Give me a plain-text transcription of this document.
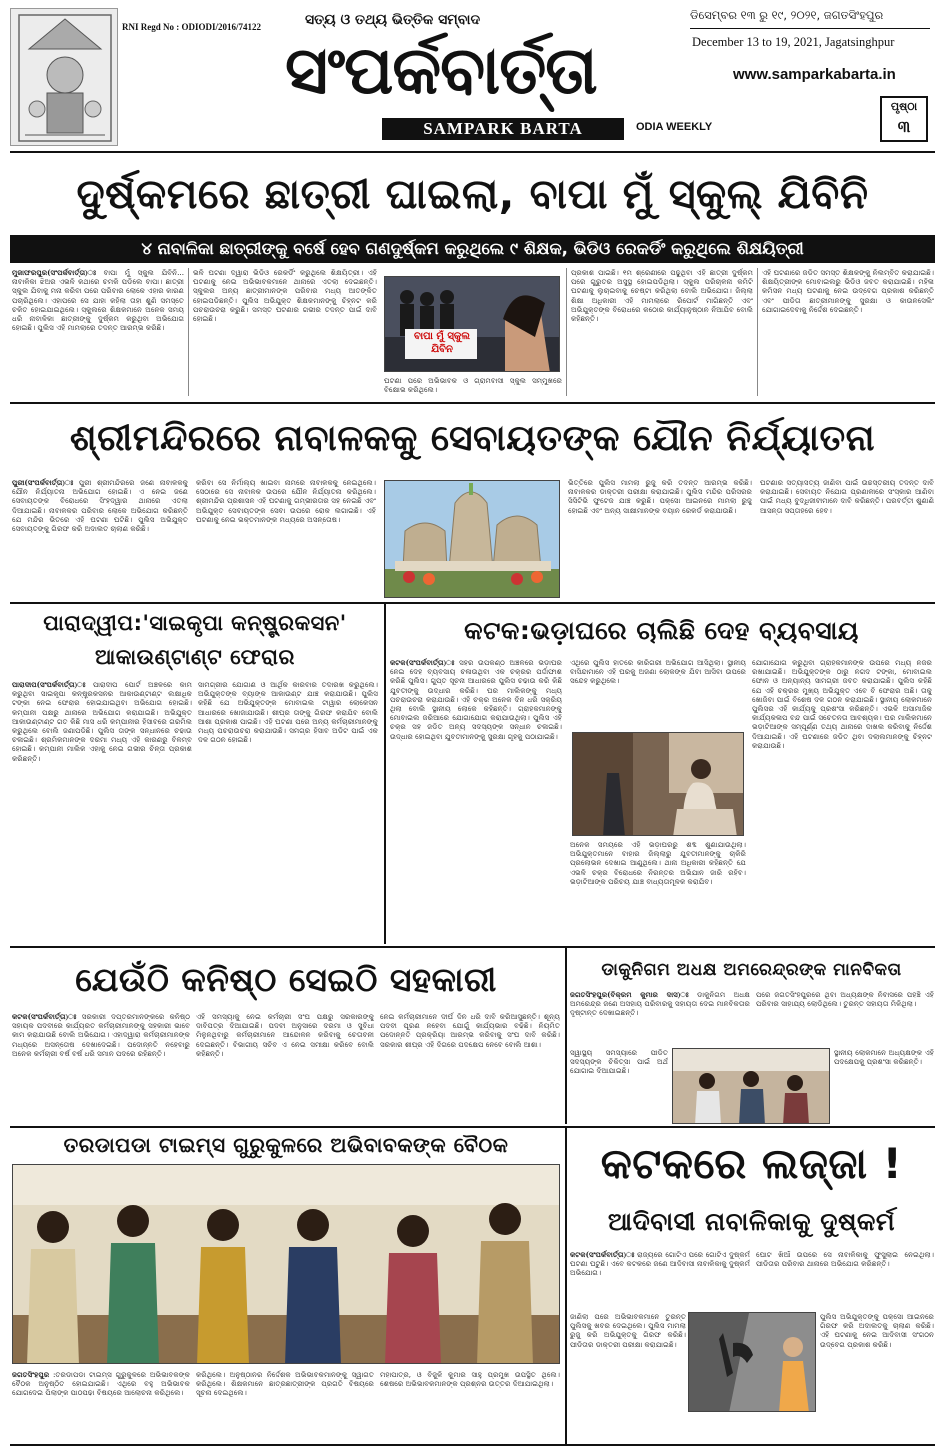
RNI Regd No : ODIODI/2016/74122	ସତ୍ୟ ଓ ତଥ୍ୟ ଭିତ୍ତିକ ସମ୍ବାଦ
ସଂପର୍କବାର୍ତ୍ତା
SAMPARK BARTA	ODIA WEEKLY
ଡିସେମ୍ବର ୧୩ ରୁ ୧୯, ୨୦୨୧, ଜଗତସିଂହପୁର
December 13 to 19, 2021, Jagatsinghpur
www.samparkabarta.in
ପୃଷ୍ଠା
୩
ଦୁର୍ଷ୍କମରେ ଛାତ୍ରୀ ଘାଇଲା, ବାପା ମୁଁ ସ୍କୁଲ୍ ଯିବିନି
୪ ନାବାଳିକା ଛାତ୍ରୀଙ୍କୁ ବର୍ଷେ ହେବ ଗଣଦୁର୍ଷ୍କମ କରୁଥିଲେ ୯ ଶିକ୍ଷକ, ଭିଡିଓ ରେକର୍ଡିଂ କରୁଥିଲେ ଶିକ୍ଷୟିତ୍ରୀ
ମୁଜାଫରପୁର(ସଂପର୍କବାର୍ତ୍ତା)ଃ ବାପା ମୁଁ ସ୍କୁଲ ଯିବିନି... ନାବାଳିକା ଝିଅର ଏଭଳି କଥାରେ ଚମକି ପଡିଲେ ବାପା। ଛାତ୍ରୀ ସ୍କୁଲ ଯିବାକୁ ମନା କରିବା ପରେ ପରିବାର ଲୋକେ ଏହାର କାରଣ ପଚାରିଥିଲେ। ଏହାପରେ ସେ ଯାହା କହିଲା ତାହା ଶୁଣି ସମସ୍ତେ ଚକିତ ହୋଇଯାଇଥିଲେ। ସ୍କୁଲରେ ଶିକ୍ଷକମାନେ ଅନେକ ସମୟ ଧରି ନାବାଳିକା ଛାତ୍ରୀଙ୍କୁ ଦୁର୍ଷ୍କମ କରୁଥିବା ଅଭିଯୋଗ ହୋଇଛି। ପୁଲିସ ଏହି ମାମଲାରେ ତଦନ୍ତ ଆରମ୍ଭ କରିଛି।
ଭଳି ଘଟଣା ଦ୍ୱାରା ଭିଡିଓ ରେକର୍ଡିଂ କରୁଥିଲେ ଶିକ୍ଷୟିତ୍ରୀ। ଏହି ଘଟଣାକୁ ନେଇ ଅଭିଭାବକମାନେ ଥାନାରେ ଏତଲା ଦେଇଛନ୍ତି। ସ୍କୁଲର ଅନ୍ୟ ଛାତ୍ରୀମାନଙ୍କ ପରିବାର ମଧ୍ୟ ଆତଙ୍କିତ ହୋଇପଡିଛନ୍ତି। ପୁଲିସ ଅଭିଯୁକ୍ତ ଶିକ୍ଷକମାନଙ୍କୁ ଚିହ୍ନଟ କରି ପଚରାଉଚରା କରୁଛି। ସମସ୍ତ ଘଟଣାର ଗଭୀର ତଦନ୍ତ ପାଇଁ ଦାବି ହୋଇଛି।
ବାପା ମୁଁ ସ୍କୁଲ ଯିବିନ
ଘଟଣା ପରେ ଅଭିଭାବକ ଓ ଗ୍ରାମବାସୀ ସ୍କୁଲ ସମ୍ମୁଖରେ ବିକ୍ଷୋଭ କରିଥିଲେ।
ପ୍ରକାଶ ପାଇଛି। ୧ମ ଶ୍ରେଣୀରେ ପଢୁଥିବା ଏହି ଛାତ୍ରୀ ଦୁର୍ଷ୍କମ ପରେ ଗୁରୁତର ଅସୁସ୍ଥ ହୋଇପଡିଥିଲା। ସ୍କୁଲ ପରିଚାଳନା କମିଟି ଘଟଣାକୁ ଲୁଚାଇବାକୁ ଚେଷ୍ଟା କରିଥିଲା ବୋଲି ଅଭିଯୋଗ। ଜିଲ୍ଲା ଶିକ୍ଷା ଅଧିକାରୀ ଏହି ମାମଲାରେ ରିପୋର୍ଟ ମାଗିଛନ୍ତି ଏବଂ ଅଭିଯୁକ୍ତଙ୍କ ବିରୋଧରେ କଠୋର କାର୍ଯ୍ୟାନୁଷ୍ଠାନ ନିଆଯିବ ବୋଲି କହିଛନ୍ତି।
ଏହି ଘଟଣାରେ ଜଡିତ ସମସ୍ତ ଶିକ୍ଷକଙ୍କୁ ନିଲମ୍ବିତ କରାଯାଇଛି। ଶିକ୍ଷୟିତ୍ରୀଙ୍କ ମୋବାଇଲରୁ ଭିଡିଓ ଜବତ କରାଯାଇଛି। ମହିଳା କମିସନ ମଧ୍ୟ ଘଟଣାକୁ ନେଇ ଉଦ୍‌ବେଗ ପ୍ରକାଶ କରିଛନ୍ତି ଏବଂ ପୀଡିତା ଛାତ୍ରୀମାନଙ୍କୁ ସୁରକ୍ଷା ଓ କାଉନସେଲିଂ ଯୋଗାଇଦେବାକୁ ନିର୍ଦ୍ଦେଶ ଦେଇଛନ୍ତି।
ଶ୍ରୀମନ୍ଦିରରେ ନାବାଳକକୁ ସେବାୟତଙ୍କ ଯୌନ ନିର୍ଯ୍ୟାତନା
ପୁରୀ(ସଂପର୍କବାର୍ତ୍ତା)ଃ ପୁରୀ ଶ୍ରୀମନ୍ଦିରରେ ଜଣେ ନାବାଳକକୁ ଯୌନ ନିର୍ଯ୍ୟାତନା ଅଭିଯୋଗ ହୋଇଛି। ଏ ନେଇ ଜଣେ ସେବାୟତଙ୍କ ବିରୋଧରେ ସିଂହଦ୍ୱାର ଥାନାରେ ଏତଲା ଦିଆଯାଇଛି। ନାବାଳକର ପରିବାର ଲୋକେ ଅଭିଯୋଗ କରିଛନ୍ତି ଯେ ମନ୍ଦିର ଭିତରେ ଏହି ଘଟଣା ଘଟିଛି। ପୁଲିସ ଅଭିଯୁକ୍ତ ସେବାୟତଙ୍କୁ ଗିରଫ କରି ଅଦାଲତ ଚାଲାଣ କରିଛି।
କରିବା ସେ ନିର୍ମାଲ୍ୟ ଖାଇବା ନାମରେ ନାବାଳକକୁ ନେଇଥିଲେ। ସେଠାରେ ସେ ନାବାଳକ ଉପରେ ଯୌନ ନିର୍ଯ୍ୟାତନା କରିଥିଲେ। ଶ୍ରୀମନ୍ଦିର ପ୍ରଶାସନ ଏହି ଘଟଣାକୁ ଗମ୍ଭୀରତାର ସହ ନେଇଛି ଏବଂ ଅଭିଯୁକ୍ତ ସେବାୟତଙ୍କ ସେବା ଉପରେ ରୋକ ଲଗାଇଛି। ଏହି ଘଟଣାକୁ ନେଇ ଭକ୍ତମାନଙ୍କ ମଧ୍ୟରେ ଅସନ୍ତୋଷ।
ଭିତ୍ତିରେ ପୁଲିସ ମାମଲା ରୁଜୁ କରି ତଦନ୍ତ ଆରମ୍ଭ କରିଛି। ନାବାଳକର ଡାକ୍ତରୀ ପରୀକ୍ଷା କରାଯାଇଛି। ପୁଲିସ ମନ୍ଦିର ପରିସରର ସିସିଟିଭି ଫୁଟେଜ ଯାଞ୍ଚ କରୁଛି। ପକ୍ସୋ ଆଇନରେ ମାମଲା ରୁଜୁ ହୋଇଛି ଏବଂ ଅନ୍ୟ ସାକ୍ଷୀମାନଙ୍କ ବୟାନ ରେକର୍ଡ କରାଯାଉଛି।
ଘଟଣାର ସତ୍ୟାସତ୍ୟ ଜାଣିବା ପାଇଁ ଉଚ୍ଚସ୍ତରୀୟ ତଦନ୍ତ ଦାବି କରାଯାଇଛି। ସେବାୟତ ନିଯୋଗ ପ୍ରଣାଳୀରେ ସଂସ୍କାର ଆଣିବା ପାଇଁ ମଧ୍ୟ ବୁଦ୍ଧିଜୀବୀମାନେ ଦାବି କରିଛନ୍ତି। ପରବର୍ତ୍ତୀ ଶୁଣାଣି ଆସନ୍ତା ସପ୍ତାହରେ ହେବ।
ପାରାଦ୍ୱୀପ:'ସାଇକୃପା କନ୍ଷ୍ଟ୍ରକସନ'
ଆକାଉଣ୍ଟାଣ୍ଟ ଫେରାର
ପାରାଦୀପ(ସଂପର୍କବାର୍ତ୍ତା)ଃ ପାରାଦୀପ ପୋର୍ଟ ଅଞ୍ଚଳରେ କାମ କରୁଥିବା ସାଇକୃପା କନ୍ଷ୍ଟ୍ରକସନର ଆକାଉଣ୍ଟାଣ୍ଟ ଲକ୍ଷାଧିକ ଟଙ୍କା ନେଇ ଫେରାର ହୋଇଯାଇଥିବା ଅଭିଯୋଗ ହୋଇଛି। କମ୍ପାନୀ ପକ୍ଷରୁ ଥାନାରେ ଅଭିଯୋଗ କରାଯାଇଛି। ଅଭିଯୁକ୍ତ ଆକାଉଣ୍ଟାଣ୍ଟ ଗତ କିଛି ମାସ ଧରି କମ୍ପାନୀର ହିସାବରେ ଗରମିଲ କରୁଥିଲେ ବୋଲି ଜଣାପଡିଛି। ପୁଲିସ ତାଙ୍କ ସନ୍ଧାନରେ ଚଢାଉ ଚଳାଇଛି। ଶ୍ରମିକମାନଙ୍କ ଦରମା ମଧ୍ୟ ଏହି କାରଣରୁ ବିଳମ୍ବ ହୋଇଛି। କମ୍ପାନୀ ମାଲିକ ଏହାକୁ ନେଇ ଗଭୀର ଚିନ୍ତା ପ୍ରକାଶ କରିଛନ୍ତି।
ସାମଗ୍ରୀର ଯୋଗାଣ ଓ ଆର୍ଥିକ କାରବାର ତଦାରଖ କରୁଥିଲେ। ଅଭିଯୁକ୍ତଙ୍କ ବ୍ୟାଙ୍କ ଆକାଉଣ୍ଟ ଯାଞ୍ଚ କରାଯାଉଛି। ପୁଲିସ କହିଛି ଯେ ଅଭିଯୁକ୍ତଙ୍କ ମୋବାଇଲ ଟାୱାର ଲୋକେସନ ଆଧାରରେ ଖୋଜାଯାଉଛି। ଶୀଘ୍ର ତାଙ୍କୁ ଗିରଫ କରାଯିବ ବୋଲି ଆଶା ପ୍ରକାଶ ପାଇଛି। ଏହି ଘଟଣା ପରେ ଅନ୍ୟ କର୍ମଚାରୀମାନଙ୍କୁ ମଧ୍ୟ ପଚରାଉଚରା କରାଯାଉଛି। ସମଗ୍ର ହିସାବ ଅଡିଟ ପାଇଁ ଏକ ଦଳ ଗଠନ ହୋଇଛି।
କଟକ:ଭଡ଼ାଘରେ ଚାଲିଛି ଦେହ ବ୍ୟବସାୟ
କଟକ(ସଂପର୍କବାର୍ତ୍ତା)ଃ ସହର ଉପକଣ୍ଠ ଅଞ୍ଚଳରେ ଭଡ଼ାଘର ନେଇ ଦେହ ବ୍ୟବସାୟ ଚଳାଉଥିବା ଏକ ଚକ୍ରର ପର୍ଦ୍ଦାଫାଶ କରିଛି ପୁଲିସ। ଗୁପ୍ତ ସୂଚନା ଆଧାରରେ ପୁଲିସ ଚଢାଉ କରି କିଛି ଯୁବତୀଙ୍କୁ ଉଦ୍ଧାର କରିଛି। ଘର ମାଲିକଙ୍କୁ ମଧ୍ୟ ପଚରାଉଚରା କରାଯାଉଛି। ଏହି ଚକ୍ର ଅନେକ ଦିନ ଧରି ସକ୍ରିୟ ଥିଲା ବୋଲି ସ୍ଥାନୀୟ ଲୋକେ କହିଛନ୍ତି। ଗ୍ରାହକମାନଙ୍କୁ ମୋବାଇଲ ଜରିଆରେ ଯୋଗାଯୋଗ କରାଯାଉଥିଲା। ପୁଲିସ ଏହି ଚକ୍ର ସହ ଜଡିତ ଅନ୍ୟ ସଦସ୍ୟଙ୍କ ସନ୍ଧାନ ଚଳାଇଛି। ଉଦ୍ଧାର ହୋଇଥିବା ଯୁବତୀମାନଙ୍କୁ ସୁରକ୍ଷା ଗୃହକୁ ପଠାଯାଇଛି।
ଏଥିରେ ପୁଲିସ ହାତରେ କାରିଗରୀ ଅଭିଯୋଗ ଆସିଥିଲା। ସ୍ଥାନୀୟ ବାସିନ୍ଦାମାନେ ଏହି ଘରକୁ ଅଜଣା ଲୋକଙ୍କ ଯିବା ଆସିବା ଉପରେ ସନ୍ଦେହ କରୁଥିଲେ।
ଅନେକ ସମୟରେ ଏହି ଭଡ଼ାଘରରୁ ଶବ୍ଦ ଶୁଣାଯାଉଥିଲା। ଅଭିଯୁକ୍ତମାନେ ବାହାର ଜିଲ୍ଲାରୁ ଯୁବତୀମାନଙ୍କୁ ଚାକିରି ପ୍ରଲୋଭନ ଦେଖାଇ ଆଣୁଥିଲେ। ଥାନା ଅଧିକାରୀ କହିଛନ୍ତି ଯେ ଏଭଳି ଚକ୍ର ବିରୋଧରେ ନିରନ୍ତର ଅଭିଯାନ ଜାରି ରହିବ। ଭଡ଼ାଟିଆଙ୍କ ପରିଚୟ ଯାଞ୍ଚ ବାଧ୍ୟତାମୂଳକ କରାଯିବ।
ଯୋଗାଯୋଗ କରୁଥିବା ଗ୍ରାହକମାନଙ୍କ ଉପରେ ମଧ୍ୟ ନଜର ରଖାଯାଇଛି। ଅଭିଯୁକ୍ତଙ୍କ ଠାରୁ ନଗଦ ଟଙ୍କା, ମୋବାଇଲ ଫୋନ ଓ ଅନ୍ୟାନ୍ୟ ସାମଗ୍ରୀ ଜବତ କରାଯାଇଛି। ପୁଲିସ କହିଛି ଯେ ଏହି ଚକ୍ରର ମୁଖ୍ୟ ଅଭିଯୁକ୍ତ ଏବେ ବି ଫେରାର ଅଛି। ତାକୁ ଖୋଜିବା ପାଇଁ ବିଶେଷ ଦଳ ଗଠନ କରାଯାଇଛି। ସ୍ଥାନୀୟ ଲୋକମାନେ ପୁଲିସର ଏହି କାର୍ଯ୍ୟକୁ ପ୍ରଶଂସା କରିଛନ୍ତି। ଏଭଳି ଅସାମାଜିକ କାର୍ଯ୍ୟକଳାପ ବନ୍ଦ ପାଇଁ ସଚେତନତା ଆବଶ୍ୟକ। ଘର ମାଲିକମାନେ ଭଡ଼ାଟିଆଙ୍କ ସମ୍ପୂର୍ଣ୍ଣ ତଥ୍ୟ ଥାନାରେ ଦାଖଲ କରିବାକୁ ନିର୍ଦ୍ଦେଶ ଦିଆଯାଇଛି। ଏହି ଘଟଣାରେ ଜଡିତ ଥିବା ଦଲାଲମାନଙ୍କୁ ଚିହ୍ନଟ କରାଯାଉଛି।
ଯେଉଁଠି କନିଷ୍ଠ ସେଇଠି ସହକାରୀ
କଟକ(ସଂପର୍କବାର୍ତ୍ତା)ଃ ସରକାରୀ ଦପ୍ତରମାନଙ୍କରେ କନିଷ୍ଠ ସହାୟକ ପଦବୀରେ କାର୍ଯ୍ୟରତ କର୍ମଚାରୀମାନଙ୍କୁ ସହକାରୀ ଭାବେ କାମ କରାଯାଉଛି ବୋଲି ଅଭିଯୋଗ। ଏହାଦ୍ୱାରା କର୍ମଚାରୀମାନଙ୍କ ମଧ୍ୟରେ ଅସନ୍ତୋଷ ଦେଖାଦେଇଛି। ପଦୋନ୍ନତି ନହେବାରୁ ଅନେକ କର୍ମଚାରୀ ବର୍ଷ ବର୍ଷ ଧରି ସମାନ ପଦରେ ରହିଛନ୍ତି।
ଏହି ସମସ୍ୟାକୁ ନେଇ କର୍ମଚାରୀ ସଂଘ ପକ୍ଷରୁ ସରକାରଙ୍କୁ ଦାବିପତ୍ର ଦିଆଯାଇଛି। ପଦବୀ ଅନୁସାରେ ଦରମା ଓ ସୁବିଧା ମିଳୁନଥିବାରୁ କର୍ମଚାରୀମାନେ ଆନ୍ଦୋଳନ କରିବାକୁ ଚେତାବନୀ ଦେଇଛନ୍ତି। ବିଭାଗୀୟ ସଚିବ ଏ ନେଇ ସମୀକ୍ଷା କରିବେ ବୋଲି କହିଛନ୍ତି।
ନେଇ କର୍ମଚାରୀମାନେ ଦୀର୍ଘ ଦିନ ଧରି ଦାବି କରିଆସୁଛନ୍ତି। ଶୂନ୍ୟ ପଦବୀ ପୂରଣ ନହେବା ଯୋଗୁଁ କାର୍ଯ୍ୟଭାର ବଢିଛି। ନିୟମିତ ପଦୋନ୍ନତି ପ୍ରକ୍ରିୟା ଆରମ୍ଭ କରିବାକୁ ସଂଘ ଦାବି କରିଛି। ସରକାର ଶୀଘ୍ର ଏହି ଦିଗରେ ପଦକ୍ଷେପ ନେବେ ବୋଲି ଆଶା।
ଡାକୁନିଗମ ଅଧକ୍ଷ ଅମରେନ୍ଦ୍ରଙ୍କ ମାନବିକତା
ଜଗତସିଂହପୁର(ବିକ୍ରମ କୁମାର ଦାସ)ଃ ଡାକୁନିଗମ ଅଧକ୍ଷ ଅମରେନ୍ଦ୍ର ଜଣେ ଅସହାୟ ପରିବାରକୁ ସହାୟତା ଦେଇ ମାନବିକତାର ଦୃଷ୍ଟାନ୍ତ ଦେଖାଇଛନ୍ତି।
ପରେ ଜଗତସିଂହପୁରରେ ଥିବା ଅଧ୍ୟକ୍ଷଙ୍କ ନିବାସରେ ପହଞ୍ଚି ଏହି ପରିବାର ସାହାଯ୍ୟ ଲୋଡିଥିଲେ। ତୁରନ୍ତ ସହାୟତା ମିଳିଥିଲା।
ସ୍ୱାସ୍ଥ୍ୟ ସମସ୍ୟାରେ ପୀଡିତ ସଦସ୍ୟଙ୍କ ଚିକିତ୍ସା ପାଇଁ ଅର୍ଥ ଯୋଗାଇ ଦିଆଯାଇଛି।
ସ୍ଥାନୀୟ ଲୋକମାନେ ଅଧ୍ୟକ୍ଷଙ୍କ ଏହି ପଦକ୍ଷେପକୁ ପ୍ରଶଂସା କରିଛନ୍ତି।
ତରଡାପଡା ଟାଇମ୍ସ ଗୁରୁକୁଳରେ ଅଭିବାବକଙ୍କ ବୈଠକ
ଜଗତସିଂହପୁର :ତରଡାପଡା ଟାଇମ୍ସ ଗୁରୁକୁଳରେ ଅଭିଭାବକଙ୍କ ବୈଠକ ଅନୁଷ୍ଠିତ ହୋଇଯାଇଛି। ଏଥିରେ ବହୁ ଅଭିଭାବକ ଯୋଗଦେଇ ପିଲାଙ୍କ ପାଠପଢା ବିଷୟରେ ଆଲୋଚନା କରିଥିଲେ।
କରିଥିଲେ। ଅନୁଷ୍ଠାନର ନିର୍ଦ୍ଦେଶକ ଅଭିଭାବକମାନଙ୍କୁ ସ୍ୱାଗତ କରିଥିଲେ। ଶିକ୍ଷକମାନେ ଛାତ୍ରଛାତ୍ରୀଙ୍କ ପ୍ରଗତି ବିଷୟରେ ସୂଚନା ଦେଇଥିଲେ।
ମହାପାତ୍ର, ଓ ବିଜୁଳି କୁମାର ସାହୁ ପ୍ରମୁଖ ଉପସ୍ଥିତ ଥିଲେ। ଶେଷରେ ଅଭିଭାବକମାନଙ୍କ ପ୍ରଶ୍ନର ଉତ୍ତର ଦିଆଯାଇଥିଲା।
କଟକରେ ଲଜ୍ଜା !
ଆଦିବାସୀ ନାବାଳିକାକୁ ଦୁଷ୍କର୍ମ
କଟକ(ସଂପର୍କବାର୍ତ୍ତା)ଃ ରାଜ୍ୟରେ ଗୋଟିଏ ପରେ ଗୋଟିଏ ଦୁଷ୍କର୍ମ ଘଟଣା ଘଟୁଛି। ଏବେ କଟକରେ ଜଣେ ଆଦିବାସୀ ନାବାଳିକାକୁ ଦୁଷ୍କର୍ମ ଅଭିଯୋଗ।
ଘୋଟ ଖିଆଁ ଉପରେ ସେ ନାବାଳିକାକୁ ଫୁସୁଲାଇ ନେଇଥିଲା। ପୀଡିତାର ପରିବାର ଥାନାରେ ଅଭିଯୋଗ କରିଛନ୍ତି।
ଜାଣିଲା ପରେ ଅଭିଭାବକମାନେ ତୁରନ୍ତ ପୁଲିସକୁ ଖବର ଦେଇଥିଲେ। ପୁଲିସ ମାମଲା ରୁଜୁ କରି ଅଭିଯୁକ୍ତକୁ ଗିରଫ କରିଛି। ପୀଡିତାର ଡାକ୍ତରୀ ପରୀକ୍ଷା କରାଯାଇଛି।
ପୁଲିସ ଅଭିଯୁକ୍ତଙ୍କୁ ପକ୍ସୋ ଆଇନରେ ଗିରଫ କରି ଅଦାଲତକୁ ଚାଲାଣ କରିଛି। ଏହି ଘଟଣାକୁ ନେଇ ଆଦିବାସୀ ସଂଗଠନ ଉଦ୍‌ବେଗ ପ୍ରକାଶ କରିଛି।
